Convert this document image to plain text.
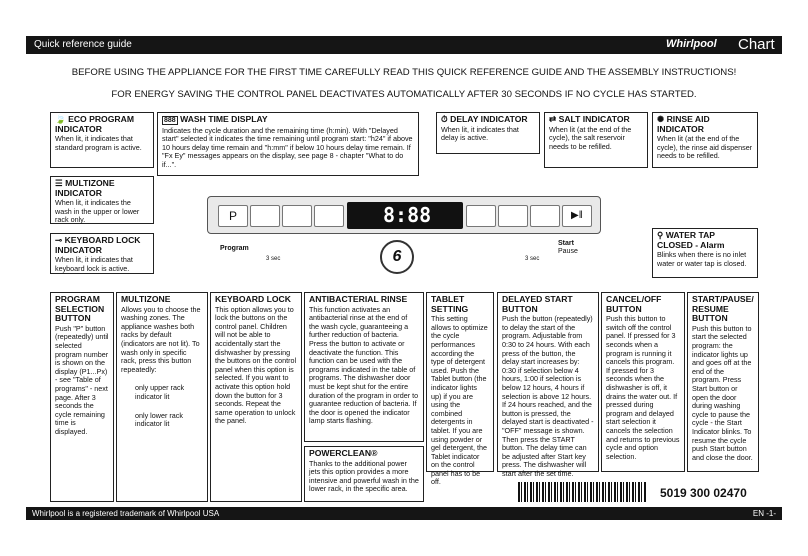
Quick reference guide	Whirlpool Chart
BEFORE USING THE APPLIANCE FOR THE FIRST TIME CAREFULLY READ THIS QUICK REFERENCE GUIDE AND THE ASSEMBLY INSTRUCTIONS!
FOR ENERGY SAVING THE CONTROL PANEL DEACTIVATES AUTOMATICALLY AFTER 30 SECONDS IF NO CYCLE HAS STARTED.
🍃 ECO PROGRAM INDICATOR

When lit, it indicates that standard program is active.

888 WASH TIME DISPLAY

Indicates the cycle duration and the remaining time (h:min). With "Delayed start" selected it indicates the time remaining until program start: "h24" if above 10 hours delay time remain and "h:mm" if below 10 hours delay time remain. If "Fx Ey" messages appears on the display, see page 8 - chapter "What to do if...".

⏱ DELAY INDICATOR

When lit, it indicates that delay is active.

⇄ SALT INDICATOR

When lit (at the end of the cycle), the salt reservoir needs to be refilled.

✺ RINSE AID INDICATOR

When lit (at the end of the cycle), the rinse aid dispenser needs to be refilled.

☰ MULTIZONE INDICATOR

When lit, it indicates the wash in the upper or lower rack only.

⊸ KEYBOARD LOCK INDICATOR

When lit, it indicates that keyboard lock is active.

⚲ WATER TAP CLOSED - Alarm

Blinks when there is no inlet water or water tap is closed.

P	8:88	▶‖
Program
3 sec	3 sec
Start
Pause
6
PROGRAM SELECTION BUTTON

Push "P" button (repeatedly) until selected program number is shown on the display (P1...Px) - see "Table of programs" - next page. After 3 seconds the cycle remaining time is displayed.

MULTIZONE

Allows you to choose the washing zones. The appliance washes both racks by default (indicators are not lit). To wash only in specific rack, press this button repeatedly:

only upper rack indicator lit

only lower rack indicator lit

KEYBOARD LOCK

This option allows you to lock the buttons on the control panel. Children will not be able to accidentally start the dishwasher by pressing the buttons on the control panel when this option is selected. If you want to activate this option hold down the button for 3 seconds. Repeat the same operation to unlock the panel.

ANTIBACTERIAL RINSE

This function activates an antibacterial rinse at the end of the wash cycle, guaranteeing a further reduction of bacteria. Press the button to activate or deactivate the function. This function can be used with the programs indicated in the table of programs. The dishwasher door must be kept shut for the entire duration of the program in order to guarantee reduction of bacteria. If the door is opened the indicator lamp starts flashing.

POWERCLEAN®

Thanks to the additional power jets this option provides a more intensive and powerful wash in the lower rack, in the specific area.

TABLET SETTING

This setting allows to optimize the cycle performances according the type of detergent used. Push the Tablet button (the indicator lights up) if you are using the combined detergents in tablet. If you are using powder or gel detergent, the Tablet indicator on the control panel has to be off.

DELAYED START BUTTON

Push the button (repeatedly) to delay the start of the program. Adjustable from 0:30 to 24 hours. With each press of the button, the delay start increases by: 0:30 if selection below 4 hours, 1:00 if selection is below 12 hours, 4 hours if selection is above 12 hours. If 24 hours reached, and the button is pressed, the delayed start is deactivated - "OFF" message is shown. Then press the START button. The delay time can be adjusted after Start key press. The dishwasher will start after the set time.

CANCEL/OFF BUTTON

Push this button to switch off the control panel. If pressed for 3 seconds when a program is running it cancels this program. If pressed for 3 seconds when the dishwasher is off, it drains the water out. If pressed during program and delayed start selection it cancels the selection and returns to previous cycle and option selection.

START/PAUSE/ RESUME BUTTON

Push this button to start the selected program: the indicator lights up and goes off at the end of the program. Press Start button or open the door during washing cycle to pause the cycle - the Start Indicator blinks. To resume the cycle push Start button and close the door.

5019 300 02470
Whirlpool is a registered trademark of Whirlpool USA	EN -1-
